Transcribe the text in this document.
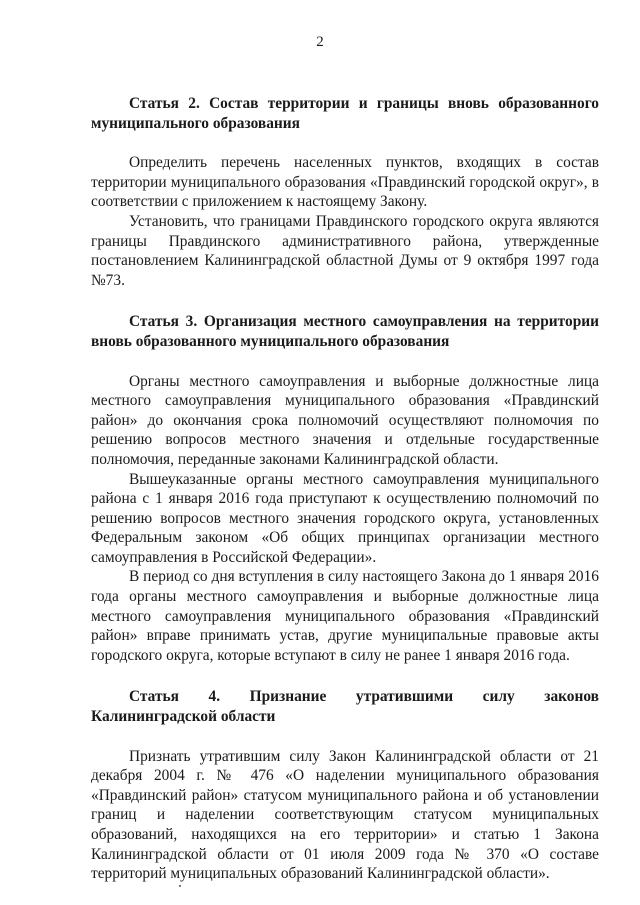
2

Статья 2. Состав территории и границы вновь образованного муниципального образования

Определить перечень населенных пунктов, входящих в состав территории муниципального образования «Правдинский городской округ», в соответствии с приложением к настоящему Закону.

Установить, что границами Правдинского городского округа являются границы Правдинского административного района, утвержденные постановлением Калининградской областной Думы от 9 октября 1997 года №73.

Статья 3. Организация местного самоуправления на территории вновь образованного муниципального образования

Органы местного самоуправления и выборные должностные лица местного самоуправления муниципального образования «Правдинский район» до окончания срока полномочий осуществляют полномочия по решению вопросов местного значения и отдельные государственные полномочия, переданные законами Калининградской области.

Вышеуказанные органы местного самоуправления муниципального района с 1 января 2016 года приступают к осуществлению полномочий по решению вопросов местного значения городского округа, установленных Федеральным законом «Об общих принципах организации местного самоуправления в Российской Федерации».

В период со дня вступления в силу настоящего Закона до 1 января 2016 года органы местного самоуправления и выборные должностные лица местного самоуправления муниципального образования «Правдинский район» вправе принимать устав, другие муниципальные правовые акты городского округа, которые вступают в силу не ранее 1 января 2016 года.

Статья 4. Признание утратившими силу законов Калининградской области

Признать утратившим силу Закон Калининградской области от 21 декабря 2004 г. № 476 «О наделении муниципального образования «Правдинский район» статусом муниципального района и об установлении границ и наделении соответствующим статусом муниципальных образований, находящихся на его территории» и статью 1 Закона Калининградской области от 01 июля 2009 года № 370 «О составе территорий муниципальных образований Калининградской области».
